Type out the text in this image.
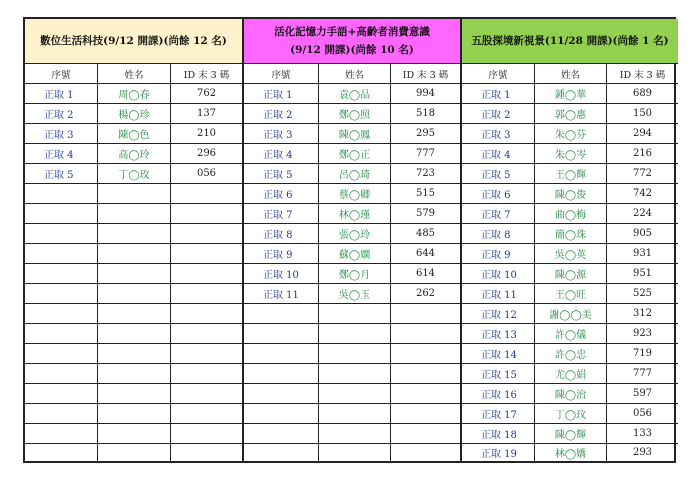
數位生活科技(9/12 開課)(尚餘 12 名)
序號	姓名	ID 末 3 碼
正取 1	周◯春	762
正取 2	楊◯珍	137
正取 3	陳◯色	210
正取 4	高◯玲	296
正取 5	丁◯玫	056
活化記憶力手語+高齡者消費意識
(9/12 開課)(尚餘 10 名)
序號	姓名	ID 末 3 碼
正取 1	袁◯品	994
正取 2	鄭◯照	518
正取 3	陳◯鳳	295
正取 4	鄭◯正	777
正取 5	呂◯琦	723
正取 6	蔡◯卿	515
正取 7	林◯瑾	579
正取 8	張◯玲	485
正取 9	蘇◯嫻	644
正取 10	鄭◯月	614
正取 11	吳◯玉	262
五股探境新視景(11/28 開課)(尚餘 1 名)
序號	姓名	ID 末 3 碼
正取 1	鍾◯華	689
正取 2	郭◯惠	150
正取 3	朱◯芬	294
正取 4	朱◯岑	216
正取 5	王◯輝	772
正取 6	陳◯俊	742
正取 7	曲◯梅	224
正取 8	簡◯珠	905
正取 9	吳◯英	931
正取 10	陳◯源	951
正取 11	王◯旺	525
正取 12	謝◯◯美	312
正取 13	許◯儀	923
正取 14	許◯忠	719
正取 15	尤◯娟	777
正取 16	陳◯治	597
正取 17	丁◯玟	056
正取 18	陳◯輝	133
正取 19	林◯嬌	293
